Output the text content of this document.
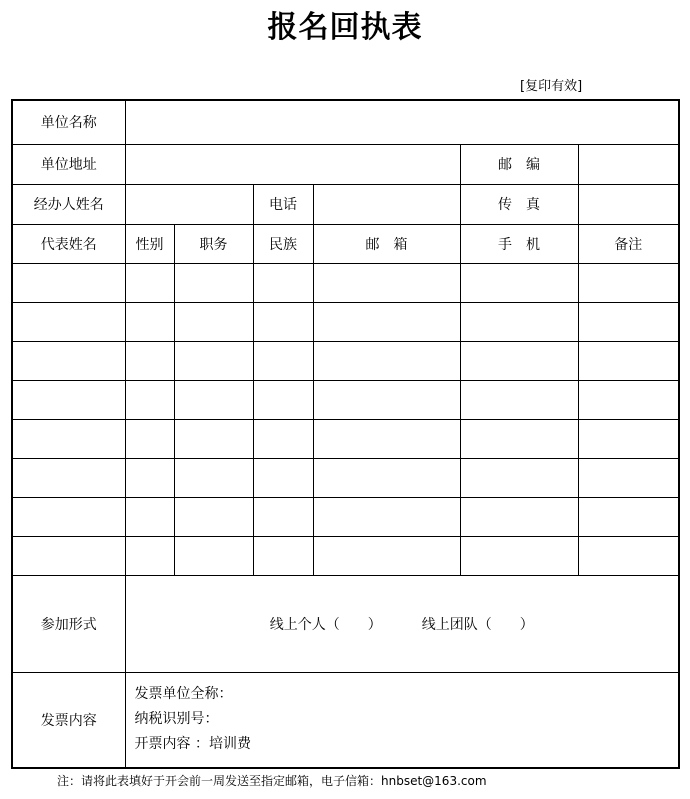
报名回执表
[复印有效]
单位名称						
单位地址					邮　编	
经办人姓名			电话		传　真	
代表姓名	性别	职务	民族	邮　箱	手　机	备注

参加形式	线上个人（　　） 线上团队（　　）					
发票内容	发票单位全称：
纳税识别号：
开票内容 ：培训费					
注：请将此表填好于开会前一周发送至指定邮箱，电子信箱：hnbset@163.com
